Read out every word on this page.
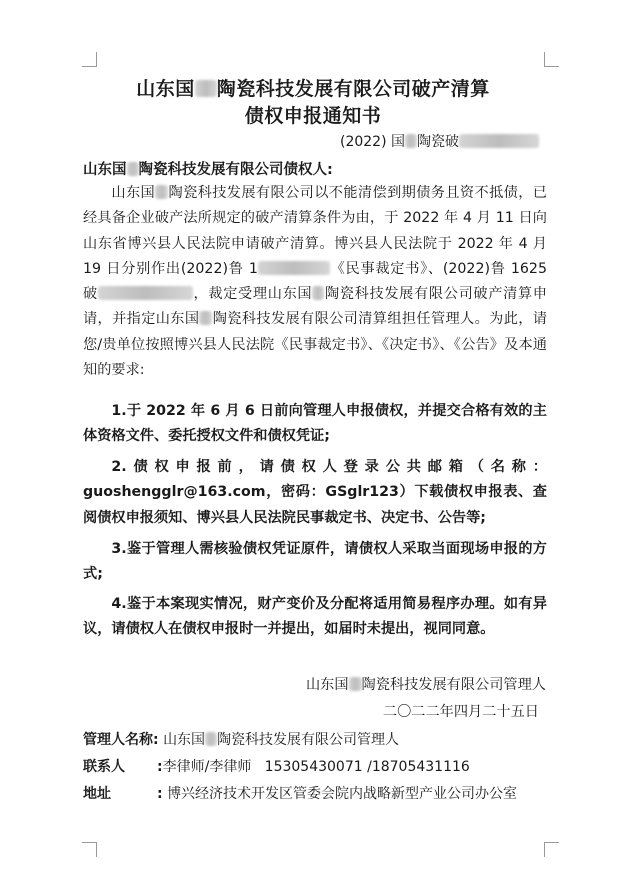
山东国 陶瓷科技发展有限公司破产清算
债权申报通知书
(2022) 国 陶瓷破
山东国 陶瓷科技发展有限公司债权人:
山东国 陶瓷科技发展有限公司以不能清偿到期债务且资不抵债，已经具备企业破产法所规定的破产清算条件为由，于 2022 年 4 月 11 日向山东省博兴县人民法院申请破产清算。博兴县人民法院于 2022 年 4 月 19 日分别作出(2022)鲁 1	《民事裁定书》、(2022)鲁 1625 破	，裁定受理山东国 陶瓷科技发展有限公司破产清算申请，并指定山东国 陶瓷科技发展有限公司清算组担任管理人。为此，请您/贵单位按照博兴县人民法院《民事裁定书》、《决定书》、《公告》及本通知的要求:
1.于 2022 年 6 月 6 日前向管理人申报债权，并提交合格有效的主体资格文件、委托授权文件和债权凭证;
2.债权申报前，请债权人登录公共邮箱（名称：guoshengglr@163.com，密码：GSglr123）下载债权申报表、查阅债权申报须知、博兴县人民法院民事裁定书、决定书、公告等;
3.鉴于管理人需核验债权凭证原件，请债权人采取当面现场申报的方式;
4.鉴于本案现实情况，财产变价及分配将适用简易程序办理。如有异议，请债权人在债权申报时一并提出，如届时未提出，视同同意。
山东国 陶瓷科技发展有限公司管理人
二〇二二年四月二十五日
管理人名称: 山东国 陶瓷科技发展有限公司管理人
联系人 :李律师/李律师   15305430071 /18705431116
地址	: 博兴经济技术开发区管委会院内战略新型产业公司办公室
